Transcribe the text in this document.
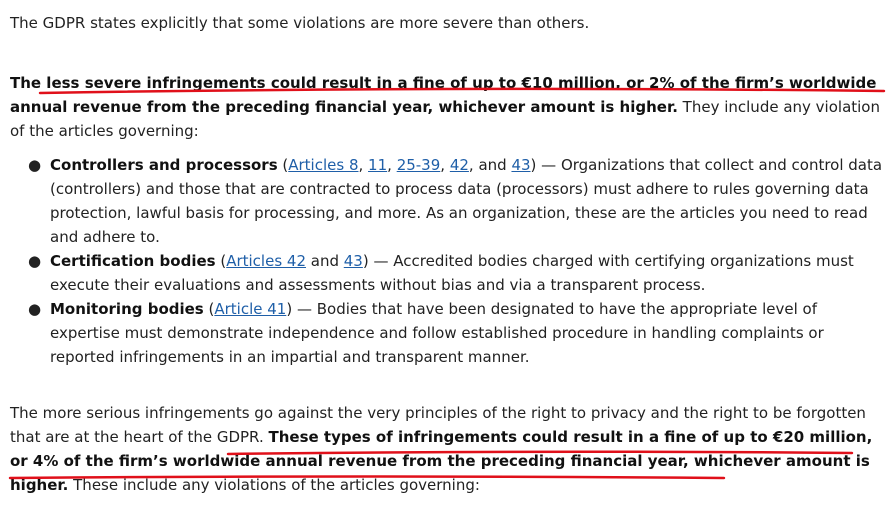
The GDPR states explicitly that some violations are more severe than others.

The less severe infringements could result in a fine of up to €10 million, or 2% of the firm’s worldwide annual revenue from the preceding financial year, whichever amount is higher. They include any violation of the articles governing:

● Controllers and processors (Articles 8, 11, 25-39, 42, and 43) — Organizations that collect and control data (controllers) and those that are contracted to process data (processors) must adhere to rules governing data protection, lawful basis for processing, and more. As an organization, these are the articles you need to read and adhere to.
● Certification bodies (Articles 42 and 43) — Accredited bodies charged with certifying organizations must execute their evaluations and assessments without bias and via a transparent process.
● Monitoring bodies (Article 41) — Bodies that have been designated to have the appropriate level of expertise must demonstrate independence and follow established procedure in handling complaints or reported infringements in an impartial and transparent manner.

The more serious infringements go against the very principles of the right to privacy and the right to be forgotten that are at the heart of the GDPR. These types of infringements could result in a fine of up to €20 million, or 4% of the firm’s worldwide annual revenue from the preceding financial year, whichever amount is higher. These include any violations of the articles governing:
